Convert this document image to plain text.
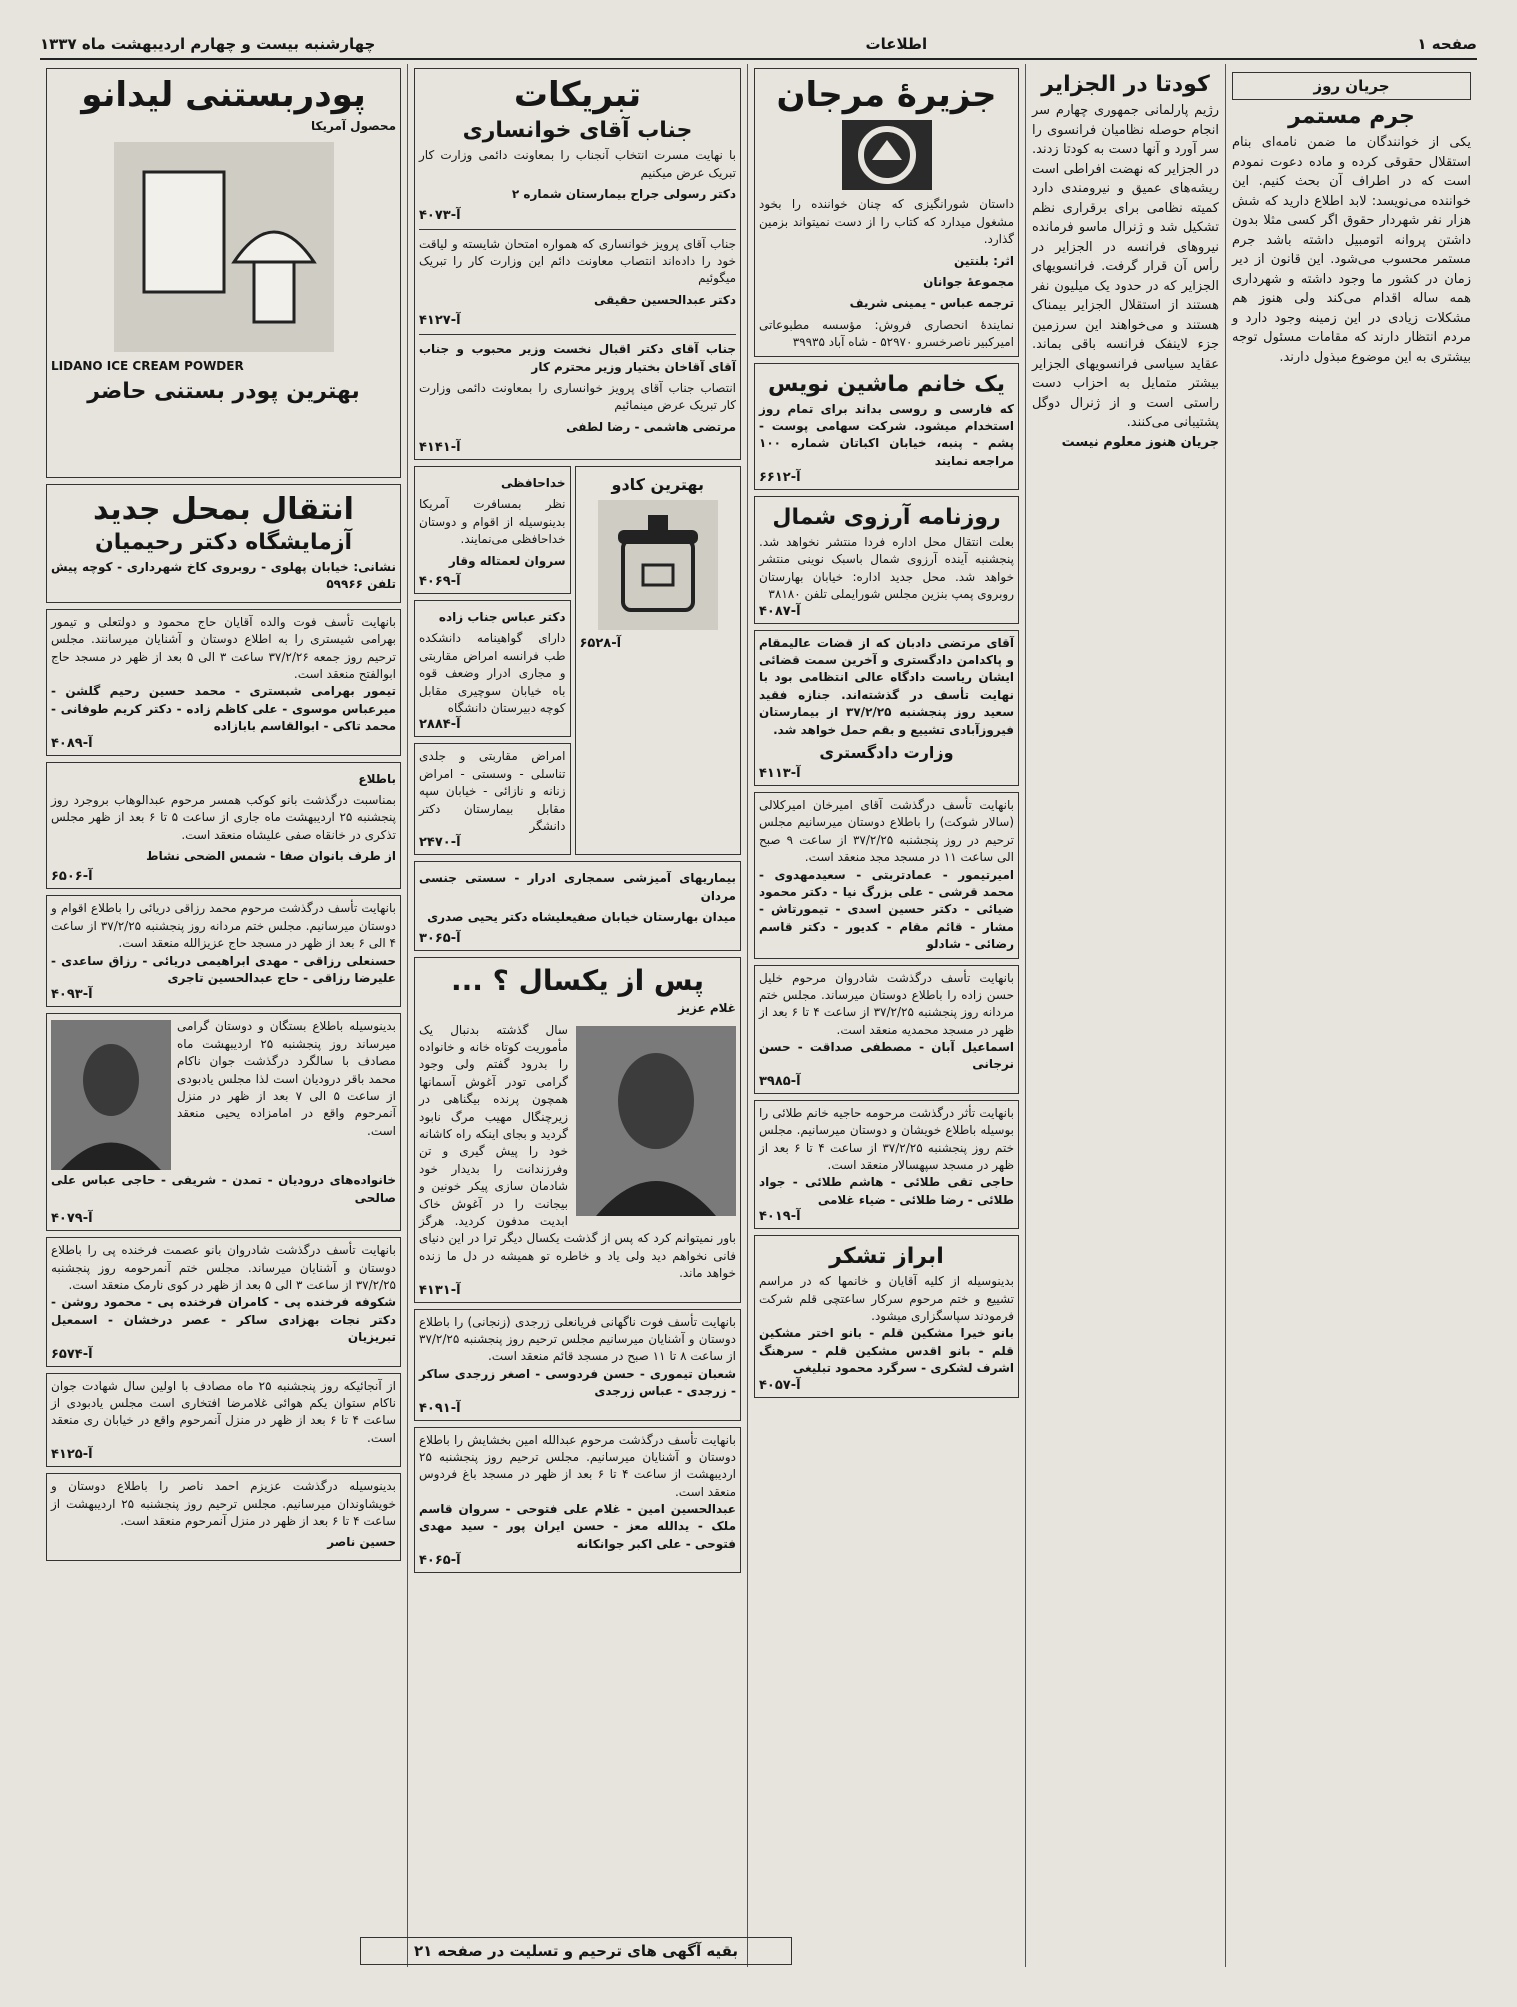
صفحه ۱
اطلاعات
چهارشنبه بیست و چهارم اردیبهشت ماه ۱۳۳۷
جریان روز
جرم مستمر
یکی از خوانندگان ما ضمن نامه‌ای بنام استقلال حقوقی کرده و ماده دعوت نمودم است که در اطراف آن بحث کنیم. این خواننده می‌نویسد: لابد اطلاع دارید که شش هزار نفر شهردار حقوق اگر کسی مثلا بدون داشتن پروانه اتومبیل داشته باشد جرم مستمر محسوب می‌شود. این قانون از دیر زمان در کشور ما وجود داشته و شهرداری همه ساله اقدام می‌کند ولی هنوز هم مشکلات زیادی در این زمینه وجود دارد و مردم انتظار دارند که مقامات مسئول توجه بیشتری به این موضوع مبذول دارند.
کودتا در الجزایر
رژیم پارلمانی جمهوری چهارم سر انجام حوصله نظامیان فرانسوی را سر آورد و آنها دست به کودتا زدند. در الجزایر که نهضت افراطی است ریشه‌های عمیق و نیرومندی دارد کمیته نظامی برای برقراری نظم تشکیل شد و ژنرال ماسو فرمانده نیروهای فرانسه در الجزایر در رأس آن قرار گرفت. فرانسویهای الجزایر که در حدود یک میلیون نفر هستند از استقلال الجزایر بیمناک هستند و می‌خواهند این سرزمین جزء لاینفک فرانسه باقی بماند. عقاید سیاسی فرانسویهای الجزایر بیشتر متمایل به احزاب دست راستی است و از ژنرال دوگل پشتیبانی می‌کنند.
جریان هنوز معلوم نیست
جزیرهٔ مرجان
داستان شورانگیزی که چنان خواننده را بخود مشغول میدارد که کتاب را از دست نمیتواند بزمین گذارد.
اثر: بلنتین
مجموعهٔ جوانان
ترجمه عباس - یمینی شریف
نمایندهٔ انحصاری فروش: مؤسسه مطبوعاتی امیرکبیر ناصرخسرو ۵۲۹۷۰ - شاه آباد ۳۹۹۳۵
یک خانم ماشین نویس
که فارسی و روسی بداند برای تمام روز استخدام میشود. شرکت سهامی پوست - پشم - پنبه، خیابان اکباتان شماره ۱۰۰ مراجعه نمایند
آ-۶۶۱۲
روزنامه آرزوی شمال
بعلت انتقال محل اداره فردا منتشر نخواهد شد. پنجشنبه آینده آرزوی شمال باسبک نوینی منتشر خواهد شد. محل جدید اداره: خیابان بهارستان روبروی پمپ بنزین مجلس شورایملی تلفن ۳۸۱۸۰
آ-۴۰۸۷
آقای مرتضی دادبان که از قضات عالیمقام و پاکدامن دادگستری و آخرین سمت قضائی ایشان ریاست دادگاه عالی انتظامی بود با نهایت تأسف در گذشته‌اند. جنازه فقید سعید روز پنجشنبه ۳۷/۲/۲۵ از بیمارستان فیروزآبادی تشییع و بقم حمل خواهد شد.
وزارت دادگستری
آ-۴۱۱۳
بانهایت تأسف درگذشت آقای امیرخان امیرکلالی (سالار شوکت) را باطلاع دوستان میرسانیم مجلس ترحیم در روز پنجشنبه ۳۷/۲/۲۵ از ساعت ۹ صبح الی ساعت ۱۱ در مسجد مجد منعقد است.
امیرتیمور - عمادتربتی - سعیدمهدوی - محمد قرشی - علی بزرگ نیا - دکتر محمود ضیائی - دکتر حسین اسدی - تیمورتاش - مشار - قائم مقام - کدیور - دکتر قاسم رضائی - شادلو
بانهایت تأسف درگذشت شادروان مرحوم خلیل حسن زاده را باطلاع دوستان میرساند. مجلس ختم مردانه روز پنجشنبه ۳۷/۲/۲۵ از ساعت ۴ تا ۶ بعد از ظهر در مسجد محمدیه منعقد است.
اسماعیل آبان - مصطفی صداقت - حسن نرجانی
آ-۳۹۸۵
بانهایت تأثر درگذشت مرحومه حاجیه خانم طلائی را بوسیله باطلاع خویشان و دوستان میرسانیم. مجلس ختم روز پنجشنبه ۳۷/۲/۲۵ از ساعت ۴ تا ۶ بعد از ظهر در مسجد سپهسالار منعقد است.
حاجی تقی طلائی - هاشم طلائی - جواد طلائی - رضا طلائی - ضیاء غلامی
آ-۴۰۱۹
ابراز تشکر
بدینوسیله از کلیه آقایان و خانمها که در مراسم تشییع و ختم مرحوم سرکار ساعتچی قلم شرکت فرمودند سپاسگزاری میشود.
بانو خیرا مشکین قلم - بانو اختر مشکین قلم - بانو اقدس مشکین قلم - سرهنگ اشرف لشکری - سرگرد محمود تبلیغی
آ-۴۰۵۷
تبریکات
جناب آقای خوانساری
با نهایت مسرت انتخاب آنجناب را بمعاونت دائمی وزارت کار تبریک عرض میکنیم
دکتر رسولی جراح بیمارستان شماره ۲
آ-۴۰۷۳
جناب آقای پرویز خوانساری که همواره امتحان شایسته و لیاقت خود را داده‌اند انتصاب معاونت دائم این وزارت کار را تبریک میگوئیم
دکتر عبدالحسین حقیقی
آ-۴۱۲۷
جناب آقای دکتر اقبال نخست وزیر محبوب و جناب آقای آقاخان بختیار وزیر محترم کار
انتصاب جناب آقای پرویز خوانساری را بمعاونت دائمی وزارت کار تبریک عرض مینمائیم
مرتضی هاشمی - رضا لطفی
آ-۴۱۴۱
بهترین کادو
آ-۶۵۲۸
خداحافظی
نظر بمسافرت آمریکا بدینوسیله از اقوام و دوستان خداحافظی می‌نمایند.
سروان لعمتاله وقار
آ-۴۰۶۹
دکتر عباس جناب زاده
دارای گواهینامه دانشکده طب فرانسه امراض مقاربتی و مجاری ادرار وضعف قوه باه خیابان سوچیری مقابل کوچه دبیرستان دانشگاه
آ-۲۸۸۴
امراض مقاربتی و جلدی تناسلی - وسستی - امراض زنانه و نازائی - خیابان سپه مقابل بیمارستان دکتر دانشگر
آ-۲۴۷۰
بیماریهای آمیزشی سمجاری ادرار - سستی جنسی مردان
میدان بهارستان خیابان صفیعلیشاه دکتر یحیی صدری
آ-۳۰۶۵
پس از یکسال ؟ ...
غلام عزیز
سال گذشته بدنبال یک مأموریت کوتاه خانه و خانواده را بدرود گفتم ولی وجود گرامی تودر آغوش آسمانها همچون پرنده بیگناهی در زیرچنگال مهیب مرگ نابود گردید و بجای اینکه راه کاشانه خود را پیش گیری و تن وفرزندانت را بدیدار خود شادمان سازی پیکر خونین و بیجانت را در آغوش خاک ابدیت مدفون کردید. هرگز باور نمیتوانم کرد که پس از گذشت یکسال دیگر ترا در این دنیای فانی نخواهم دید ولی یاد و خاطره تو همیشه در دل ما زنده خواهد ماند.
آ-۴۱۳۱
بانهایت تأسف فوت ناگهانی فریانعلی زرجدی (زنجانی) را باطلاع دوستان و آشنایان میرسانیم مجلس ترحیم روز پنجشنبه ۳۷/۲/۲۵ از ساعت ۸ تا ۱۱ صبح در مسجد قائم منعقد است.
شعبان تیموری - حسن فردوسی - اصغر زرجدی ساکر - زرجدی - عباس زرجدی
آ-۴۰۹۱
بانهایت تأسف درگذشت مرحوم عبدالله امین بخشایش را باطلاع دوستان و آشنایان میرسانیم. مجلس ترحیم روز پنجشنبه ۲۵ اردیبهشت از ساعت ۴ تا ۶ بعد از ظهر در مسجد باغ فردوس منعقد است.
عبدالحسین امین - غلام علی فتوحی - سروان قاسم ملک - یدالله معز - حسن ایران پور - سید مهدی فتوحی - علی اکبر جوانکانه
آ-۴۰۶۵
پودربستنی لیدانو
محصول آمریکا
LIDANO ICE CREAM POWDER
بهترین پودر بستنی حاضر
انتقال بمحل جدید
آزمایشگاه دکتر رحیمیان
نشانی: خیابان پهلوی - روبروی کاخ شهرداری - کوچه پیش تلفن ۵۹۹۶۶
بانهایت تأسف فوت والده آقایان حاج محمود و دولتعلی و تیمور بهرامی شیستری را به اطلاع دوستان و آشنایان میرسانند. مجلس ترحیم روز جمعه ۳۷/۲/۲۶ ساعت ۳ الی ۵ بعد از ظهر در مسجد حاج ابوالفتح منعقد است.
تیمور بهرامی شبستری - محمد حسین رحیم گلشن - میرعباس موسوی - علی کاظم زاده - دکتر کریم طوفانی - محمد تاکی - ابوالقاسم بابازاده
آ-۴۰۸۹
باطلاع
بمناسبت درگذشت بانو کوکب همسر مرحوم عبدالوهاب بروجرد روز پنجشنبه ۲۵ اردیبهشت ماه جاری از ساعت ۵ تا ۶ بعد از ظهر مجلس تذکری در خانقاه صفی علیشاه منعقد است.
از طرف بانوان صفا - شمس الضحی نشاط
آ-۶۵۰۶
بانهایت تأسف درگذشت مرحوم محمد رزاقی دریائی را باطلاع اقوام و دوستان میرسانیم. مجلس ختم مردانه روز پنجشنبه ۳۷/۲/۲۵ از ساعت ۴ الی ۶ بعد از ظهر در مسجد حاج عزیزالله منعقد است.
حسنعلی رزاقی - مهدی ابراهیمی دریائی - رزاق ساعدی - علیرضا رزاقی - حاج عبدالحسین تاجری
آ-۴۰۹۳
بدینوسیله باطلاع بستگان و دوستان گرامی میرساند روز پنجشنبه ۲۵ اردیبهشت ماه مصادف با سالگرد درگذشت جوان ناکام محمد باقر درودیان است لذا مجلس یادبودی از ساعت ۵ الی ۷ بعد از ظهر در منزل آنمرحوم واقع در امامزاده یحیی منعقد است.
خانواده‌های درودیان - تمدن - شریفی - حاجی عباس علی صالحی
آ-۴۰۷۹
بانهایت تأسف درگذشت شادروان بانو عصمت فرخنده پی را باطلاع دوستان و آشنایان میرساند. مجلس ختم آنمرحومه روز پنجشنبه ۳۷/۲/۲۵ از ساعت ۳ الی ۵ بعد از ظهر در کوی نارمک منعقد است.
شکوفه فرخنده پی - کامران فرخنده پی - محمود روشن - دکتر نجات بهزادی ساکر - عصر درخشان - اسمعیل تبریزیان
آ-۶۵۷۴
از آنجائیکه روز پنجشنبه ۲۵ ماه مصادف با اولین سال شهادت جوان ناکام ستوان یکم هوائی غلامرضا افتخاری است مجلس یادبودی از ساعت ۴ تا ۶ بعد از ظهر در منزل آنمرحوم واقع در خیابان ری منعقد است.
آ-۴۱۲۵
بدینوسیله درگذشت عزیزم احمد ناصر را باطلاع دوستان و خویشاوندان میرسانیم. مجلس ترحیم روز پنجشنبه ۲۵ اردیبهشت از ساعت ۴ تا ۶ بعد از ظهر در منزل آنمرحوم منعقد است.
حسین ناصر
بقیه آگهی های ترحیم و تسلیت در صفحه ۲۱
